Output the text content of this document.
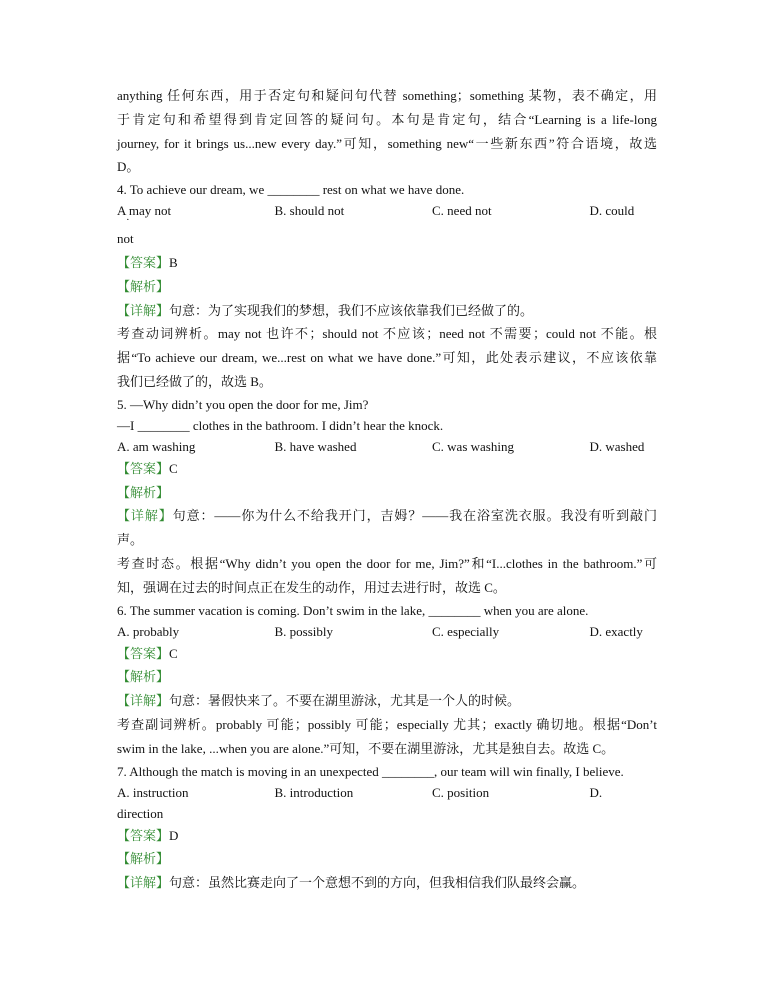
anything 任何东西，用于否定句和疑问句代替 something；something 某物，表不确定，用
于肯定句和希望得到肯定回答的疑问句。本句是肯定句，结合“Learning is a life-long
journey, for it brings us...new every day.”可知，something new“一些新东西”符合语境，故选
D。
4. To achieve our dream, we ________ rest on what we have done.
A may not ·	B. should not	C. need not	D. could
not
【答案】B
【解析】
【详解】句意：为了实现我们的梦想，我们不应该依靠我们已经做了的。
考查动词辨析。may not 也许不；should not 不应该；need not 不需要；could not 不能。根
据“To achieve our dream, we...rest on what we have done.”可知，此处表示建议，不应该依靠
我们已经做了的，故选 B。
5. —Why didn’t you open the door for me, Jim?
—I ________ clothes in the bathroom. I didn’t hear the knock.
A. am washing	B. have washed	C. was washing	D. washed
【答案】C
【解析】
【详解】句意：——你为什么不给我开门，吉姆？——我在浴室洗衣服。我没有听到敲门
声。
考查时态。根据“Why didn’t you open the door for me, Jim?”和“I...clothes in the bathroom.”可
知，强调在过去的时间点正在发生的动作，用过去进行时，故选 C。
6. The summer vacation is coming. Don’t swim in the lake, ________ when you are alone.
A. probably	B. possibly	C. especially	D. exactly
【答案】C
【解析】
【详解】句意：暑假快来了。不要在湖里游泳，尤其是一个人的时候。
考查副词辨析。probably 可能；possibly 可能；especially 尤其；exactly 确切地。根据“Don’t
swim in the lake, ...when you are alone.”可知，不要在湖里游泳，尤其是独自去。故选 C。
7. Although the match is moving in an unexpected ________, our team will win finally, I believe.
A. instruction	B. introduction	C. position	D.
direction
【答案】D
【解析】
【详解】句意：虽然比赛走向了一个意想不到的方向，但我相信我们队最终会赢。
